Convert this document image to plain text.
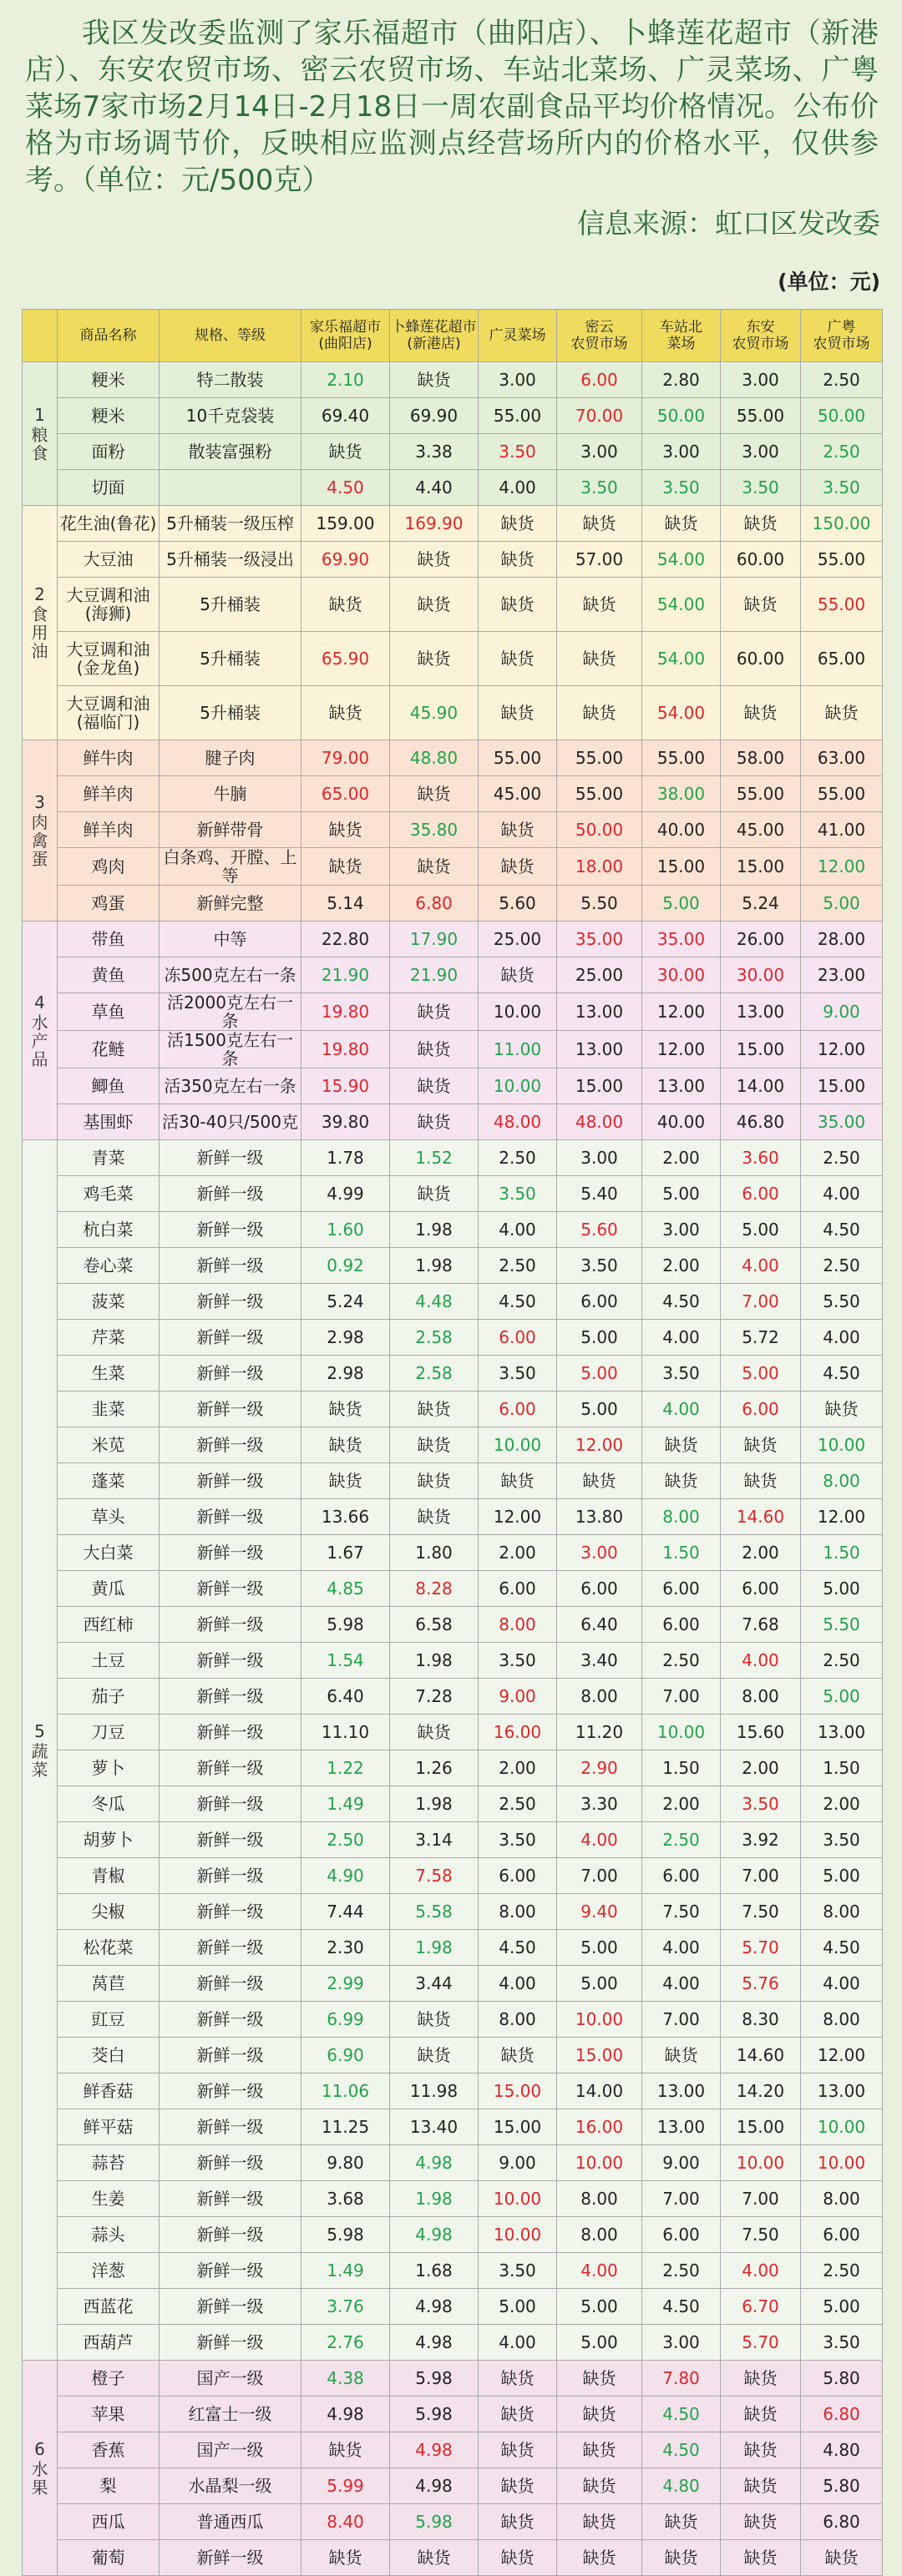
我区发改委监测了家乐福超市（曲阳店）、卜蜂莲花超市（新港店）、东安农贸市场、密云农贸市场、车站北菜场、广灵菜场、广粤菜场7家市场2月14日-2月18日一周农副食品平均价格情况。公布价格为市场调节价，反映相应监测点经营场所内的价格水平，仅供参考。（单位：元/500克）

信息来源：虹口区发改委
(单位：元)
	商品名称	规格、等级	家乐福超市
(曲阳店)	卜蜂莲花超市
(新港店)	广灵菜场	密云
农贸市场	车站北
菜场	东安
农贸市场	广粤
农贸市场

1
粮
食	粳米	特二散装	2.10	缺货	3.00	6.00	2.80	3.00	2.50
	粳米	10千克袋装	69.40	69.90	55.00	70.00	50.00	55.00	50.00
	面粉	散装富强粉	缺货	3.38	3.50	3.00	3.00	3.00	2.50
	切面		4.50	4.40	4.00	3.50	3.50	3.50	3.50

2
食
用
油	花生油(鲁花)	5升桶装一级压榨	159.00	169.90	缺货	缺货	缺货	缺货	150.00
	大豆油	5升桶装一级浸出	69.90	缺货	缺货	57.00	54.00	60.00	55.00
	大豆调和油
(海狮)	5升桶装	缺货	缺货	缺货	缺货	54.00	缺货	55.00
	大豆调和油
(金龙鱼)	5升桶装	65.90	缺货	缺货	缺货	54.00	60.00	65.00
	大豆调和油
(福临门)	5升桶装	缺货	45.90	缺货	缺货	54.00	缺货	缺货

3
肉
禽
蛋	鲜牛肉	腱子肉	79.00	48.80	55.00	55.00	55.00	58.00	63.00
	鲜羊肉	牛腩	65.00	缺货	45.00	55.00	38.00	55.00	55.00
	鲜羊肉	新鲜带骨	缺货	35.80	缺货	50.00	40.00	45.00	41.00
	鸡肉	白条鸡、开膛、上等	缺货	缺货	缺货	18.00	15.00	15.00	12.00
	鸡蛋	新鲜完整	5.14	6.80	5.60	5.50	5.00	5.24	5.00

4
水
产
品	带鱼	中等	22.80	17.90	25.00	35.00	35.00	26.00	28.00
	黄鱼	冻500克左右一条	21.90	21.90	缺货	25.00	30.00	30.00	23.00
	草鱼	活2000克左右一条	19.80	缺货	10.00	13.00	12.00	13.00	9.00
	花鲢	活1500克左右一条	19.80	缺货	11.00	13.00	12.00	15.00	12.00
	鲫鱼	活350克左右一条	15.90	缺货	10.00	15.00	13.00	14.00	15.00
	基围虾	活30-40只/500克	39.80	缺货	48.00	48.00	40.00	46.80	35.00

5
蔬
菜	青菜	新鲜一级	1.78	1.52	2.50	3.00	2.00	3.60	2.50
	鸡毛菜	新鲜一级	4.99	缺货	3.50	5.40	5.00	6.00	4.00
	杭白菜	新鲜一级	1.60	1.98	4.00	5.60	3.00	5.00	4.50
	卷心菜	新鲜一级	0.92	1.98	2.50	3.50	2.00	4.00	2.50
	菠菜	新鲜一级	5.24	4.48	4.50	6.00	4.50	7.00	5.50
	芹菜	新鲜一级	2.98	2.58	6.00	5.00	4.00	5.72	4.00
	生菜	新鲜一级	2.98	2.58	3.50	5.00	3.50	5.00	4.50
	韭菜	新鲜一级	缺货	缺货	6.00	5.00	4.00	6.00	缺货
	米苋	新鲜一级	缺货	缺货	10.00	12.00	缺货	缺货	10.00
	蓬菜	新鲜一级	缺货	缺货	缺货	缺货	缺货	缺货	8.00
	草头	新鲜一级	13.66	缺货	12.00	13.80	8.00	14.60	12.00
	大白菜	新鲜一级	1.67	1.80	2.00	3.00	1.50	2.00	1.50
	黄瓜	新鲜一级	4.85	8.28	6.00	6.00	6.00	6.00	5.00
	西红柿	新鲜一级	5.98	6.58	8.00	6.40	6.00	7.68	5.50
	土豆	新鲜一级	1.54	1.98	3.50	3.40	2.50	4.00	2.50
	茄子	新鲜一级	6.40	7.28	9.00	8.00	7.00	8.00	5.00
	刀豆	新鲜一级	11.10	缺货	16.00	11.20	10.00	15.60	13.00
	萝卜	新鲜一级	1.22	1.26	2.00	2.90	1.50	2.00	1.50
	冬瓜	新鲜一级	1.49	1.98	2.50	3.30	2.00	3.50	2.00
	胡萝卜	新鲜一级	2.50	3.14	3.50	4.00	2.50	3.92	3.50
	青椒	新鲜一级	4.90	7.58	6.00	7.00	6.00	7.00	5.00
	尖椒	新鲜一级	7.44	5.58	8.00	9.40	7.50	7.50	8.00
	松花菜	新鲜一级	2.30	1.98	4.50	5.00	4.00	5.70	4.50
	莴苣	新鲜一级	2.99	3.44	4.00	5.00	4.00	5.76	4.00
	豇豆	新鲜一级	6.99	缺货	8.00	10.00	7.00	8.30	8.00
	茭白	新鲜一级	6.90	缺货	缺货	15.00	缺货	14.60	12.00
	鲜香菇	新鲜一级	11.06	11.98	15.00	14.00	13.00	14.20	13.00
	鲜平菇	新鲜一级	11.25	13.40	15.00	16.00	13.00	15.00	10.00
	蒜苔	新鲜一级	9.80	4.98	9.00	10.00	9.00	10.00	10.00
	生姜	新鲜一级	3.68	1.98	10.00	8.00	7.00	7.00	8.00
	蒜头	新鲜一级	5.98	4.98	10.00	8.00	6.00	7.50	6.00
	洋葱	新鲜一级	1.49	1.68	3.50	4.00	2.50	4.00	2.50
	西蓝花	新鲜一级	3.76	4.98	5.00	5.00	4.50	6.70	5.00
	西葫芦	新鲜一级	2.76	4.98	4.00	5.00	3.00	5.70	3.50

6
水
果	橙子	国产一级	4.38	5.98	缺货	缺货	7.80	缺货	5.80
	苹果	红富士一级	4.98	5.98	缺货	缺货	4.50	缺货	6.80
	香蕉	国产一级	缺货	4.98	缺货	缺货	4.50	缺货	4.80
	梨	水晶梨一级	5.99	4.98	缺货	缺货	4.80	缺货	5.80
	西瓜	普通西瓜	8.40	5.98	缺货	缺货	缺货	缺货	6.80
	葡萄	新鲜一级	缺货	缺货	缺货	缺货	缺货	缺货	缺货
